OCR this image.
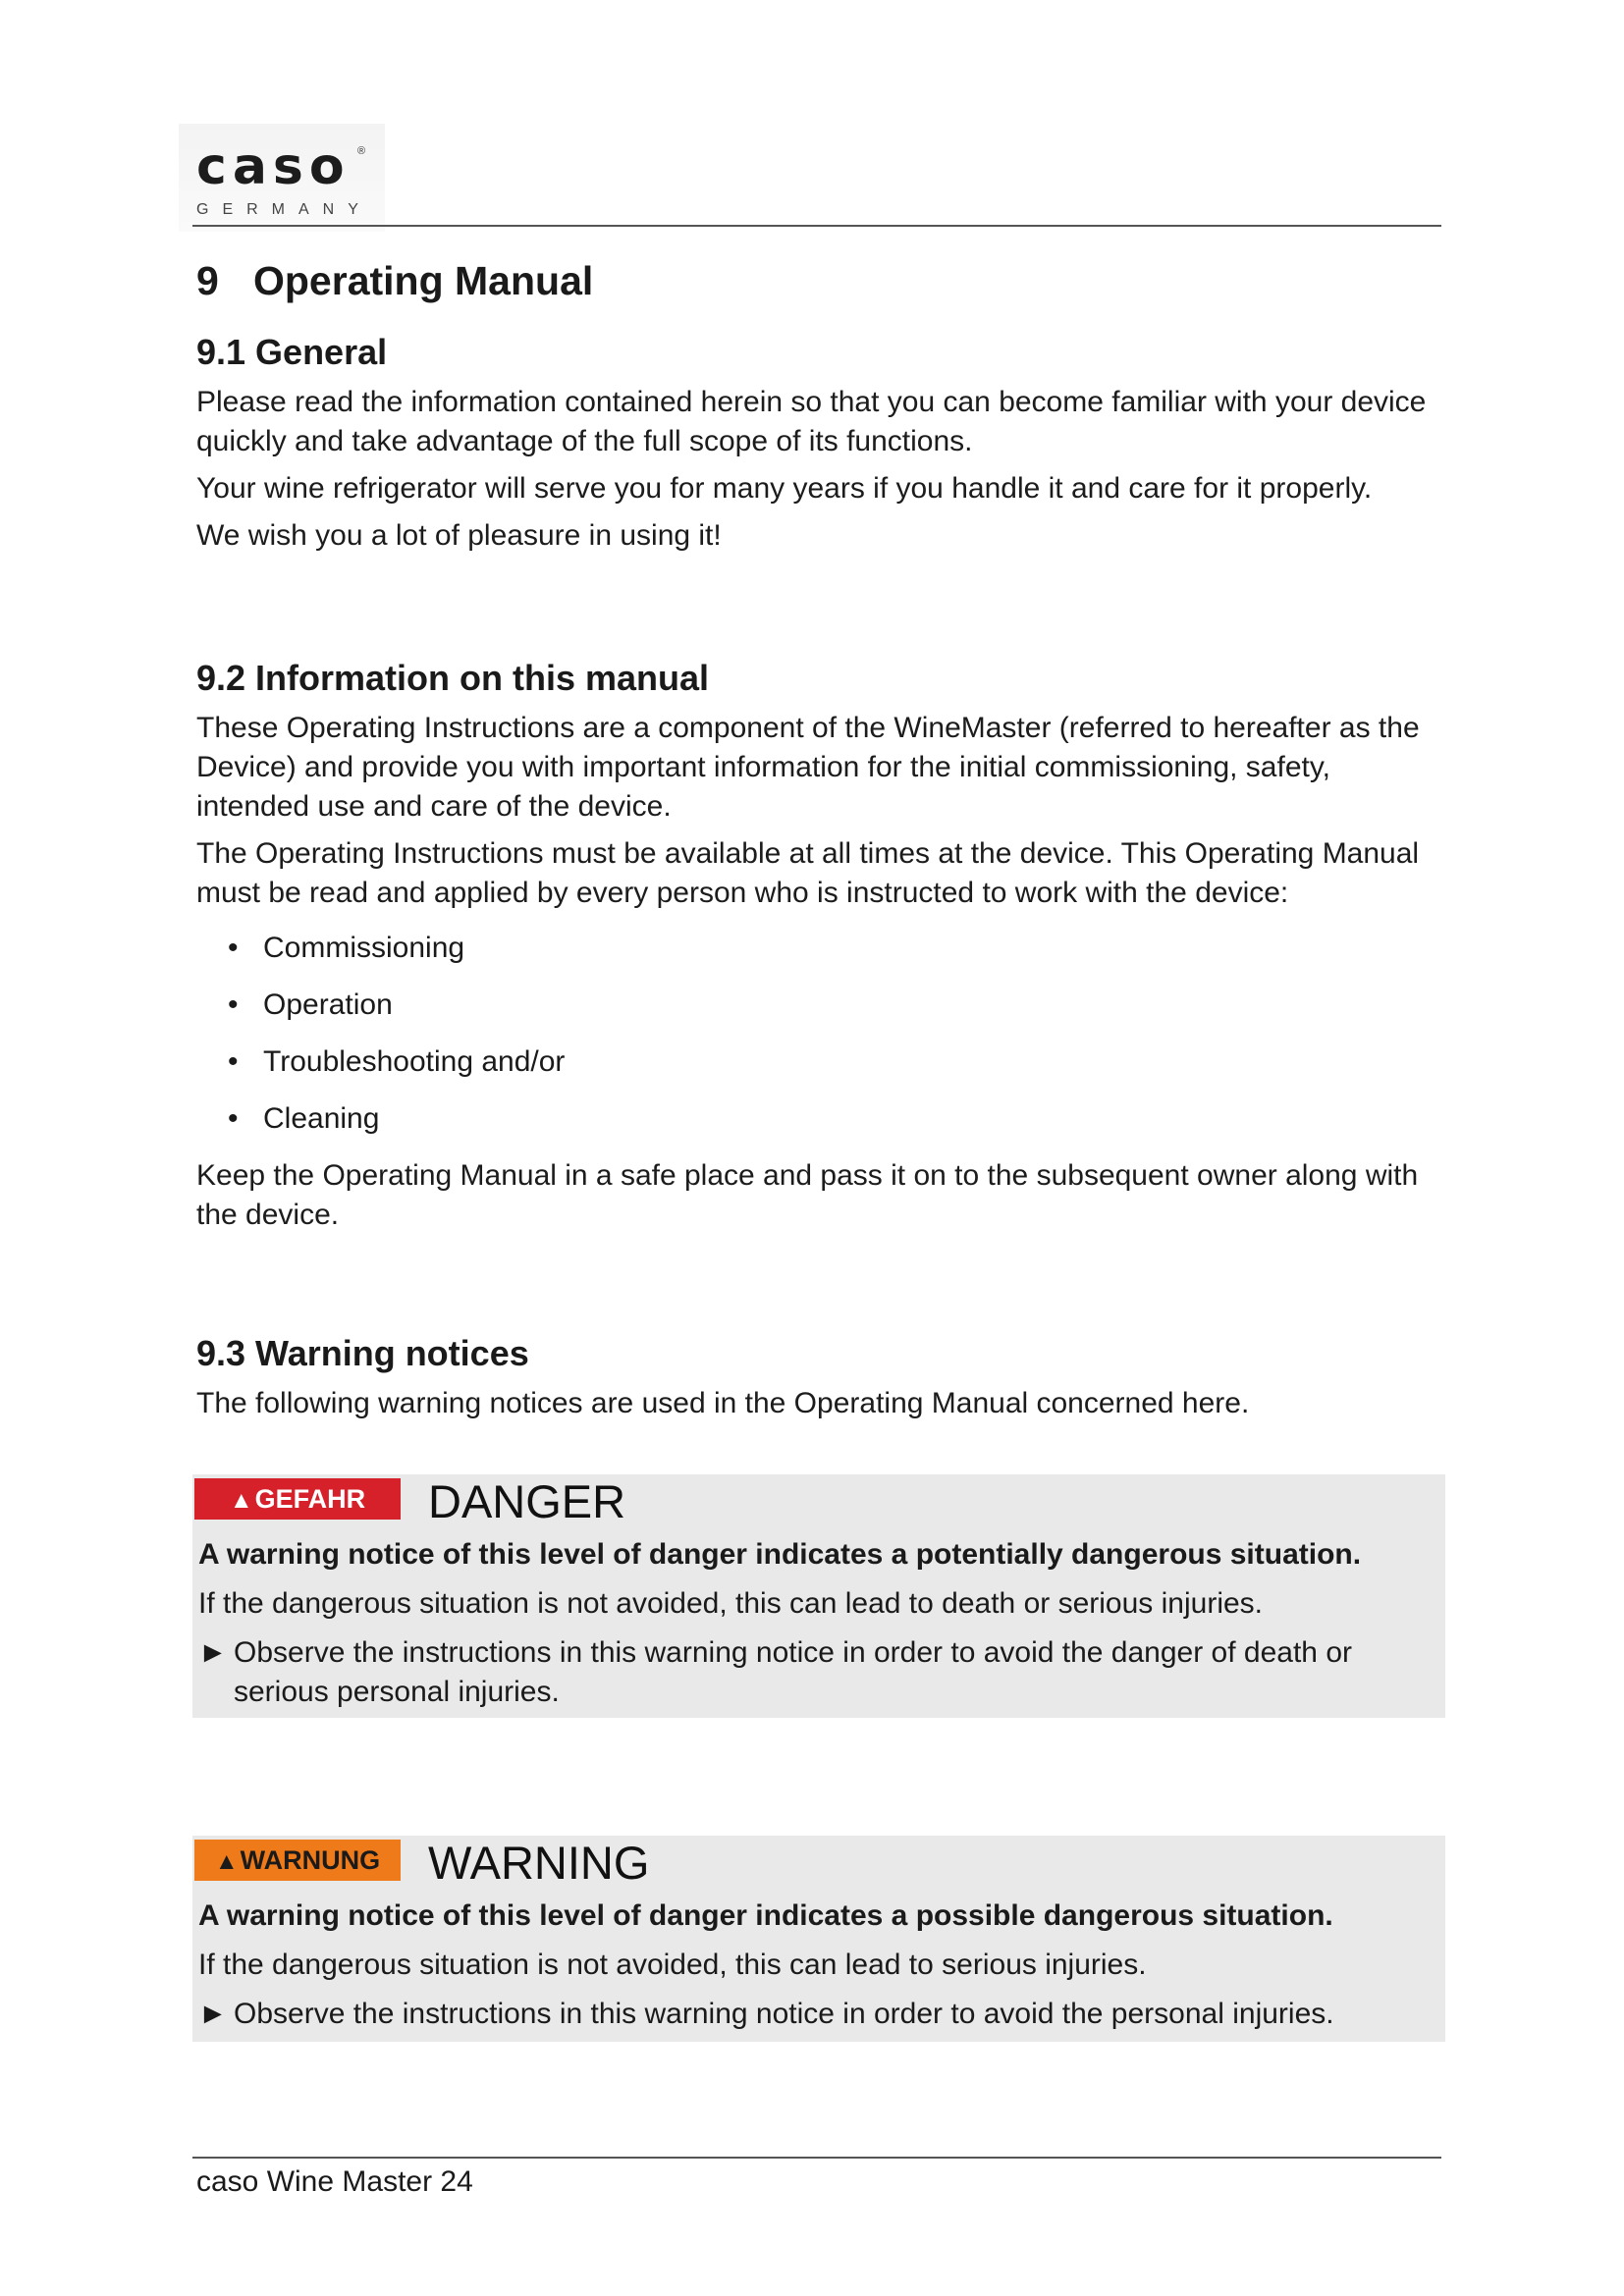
caso ®
GERMANY
9 Operating Manual
9.1 General

Please read the information contained herein so that you can become familiar with your device quickly and take advantage of the full scope of its functions.

Your wine refrigerator will serve you for many years if you handle it and care for it properly.

We wish you a lot of pleasure in using it!

9.2 Information on this manual

These Operating Instructions are a component of the WineMaster (referred to hereafter as the Device) and provide you with important information for the initial commissioning, safety, intended use and care of the device.

The Operating Instructions must be available at all times at the device. This Operating Manual must be read and applied by every person who is instructed to work with the device:

• Commissioning
• Operation
• Troubleshooting and/or
• Cleaning

Keep the Operating Manual in a safe place and pass it on to the subsequent owner along with the device.

9.3 Warning notices

The following warning notices are used in the Operating Manual concerned here.

▲GEFAHR	DANGER
A warning notice of this level of danger indicates a potentially dangerous situation.
If the dangerous situation is not avoided, this can lead to death or serious injuries.
► Observe the instructions in this warning notice in order to avoid the danger of death or serious personal injuries.
▲WARNUNG	WARNING
A warning notice of this level of danger indicates a possible dangerous situation.
If the dangerous situation is not avoided, this can lead to serious injuries.
► Observe the instructions in this warning notice in order to avoid the personal injuries.
caso Wine Master 24
